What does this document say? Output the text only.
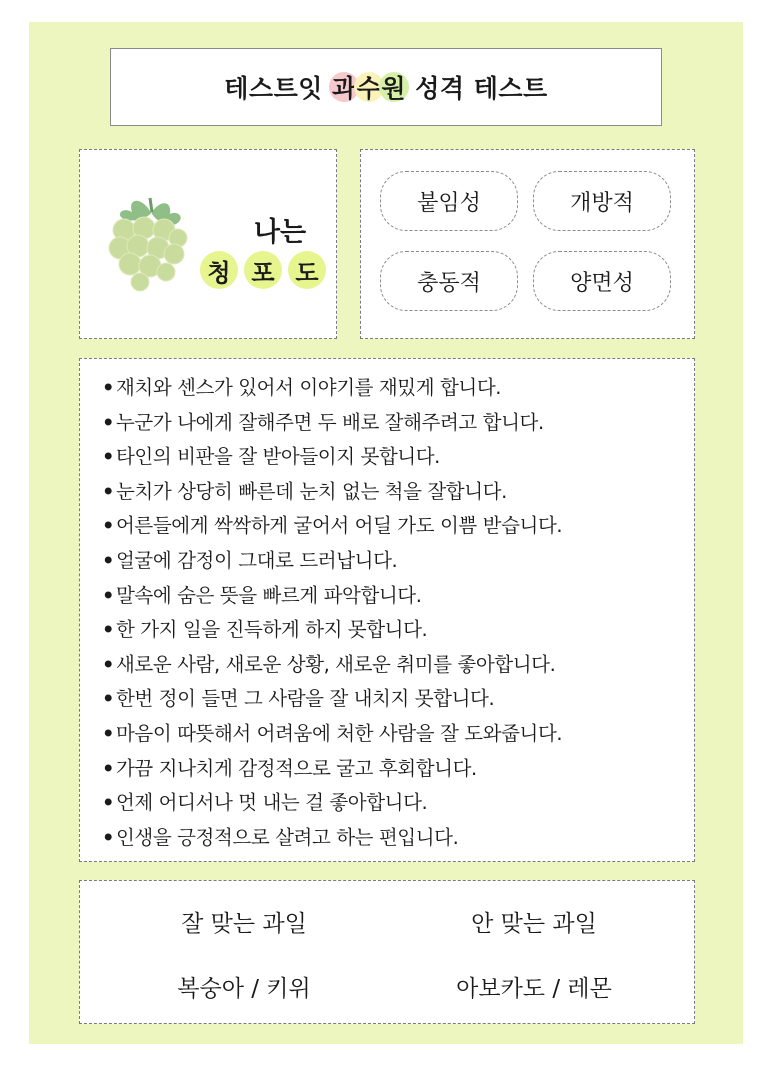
테스트잇 과 수 원 성격 테스트
나는
청 포 도
붙임성	개방적
충동적	양면성
• 재치와 센스가 있어서 이야기를 재밌게 합니다.
• 누군가 나에게 잘해주면 두 배로 잘해주려고 합니다.
• 타인의 비판을 잘 받아들이지 못합니다.
• 눈치가 상당히 빠른데 눈치 없는 척을 잘합니다.
• 어른들에게 싹싹하게 굴어서 어딜 가도 이쁨 받습니다.
• 얼굴에 감정이 그대로 드러납니다.
• 말속에 숨은 뜻을 빠르게 파악합니다.
• 한 가지 일을 진득하게 하지 못합니다.
• 새로운 사람, 새로운 상황, 새로운 취미를 좋아합니다.
• 한번 정이 들면 그 사람을 잘 내치지 못합니다.
• 마음이 따뜻해서 어려움에 처한 사람을 잘 도와줍니다.
• 가끔 지나치게 감정적으로 굴고 후회합니다.
• 언제 어디서나 멋 내는 걸 좋아합니다.
• 인생을 긍정적으로 살려고 하는 편입니다.
잘 맞는 과일
복숭아 / 키위
안 맞는 과일
아보카도 / 레몬
